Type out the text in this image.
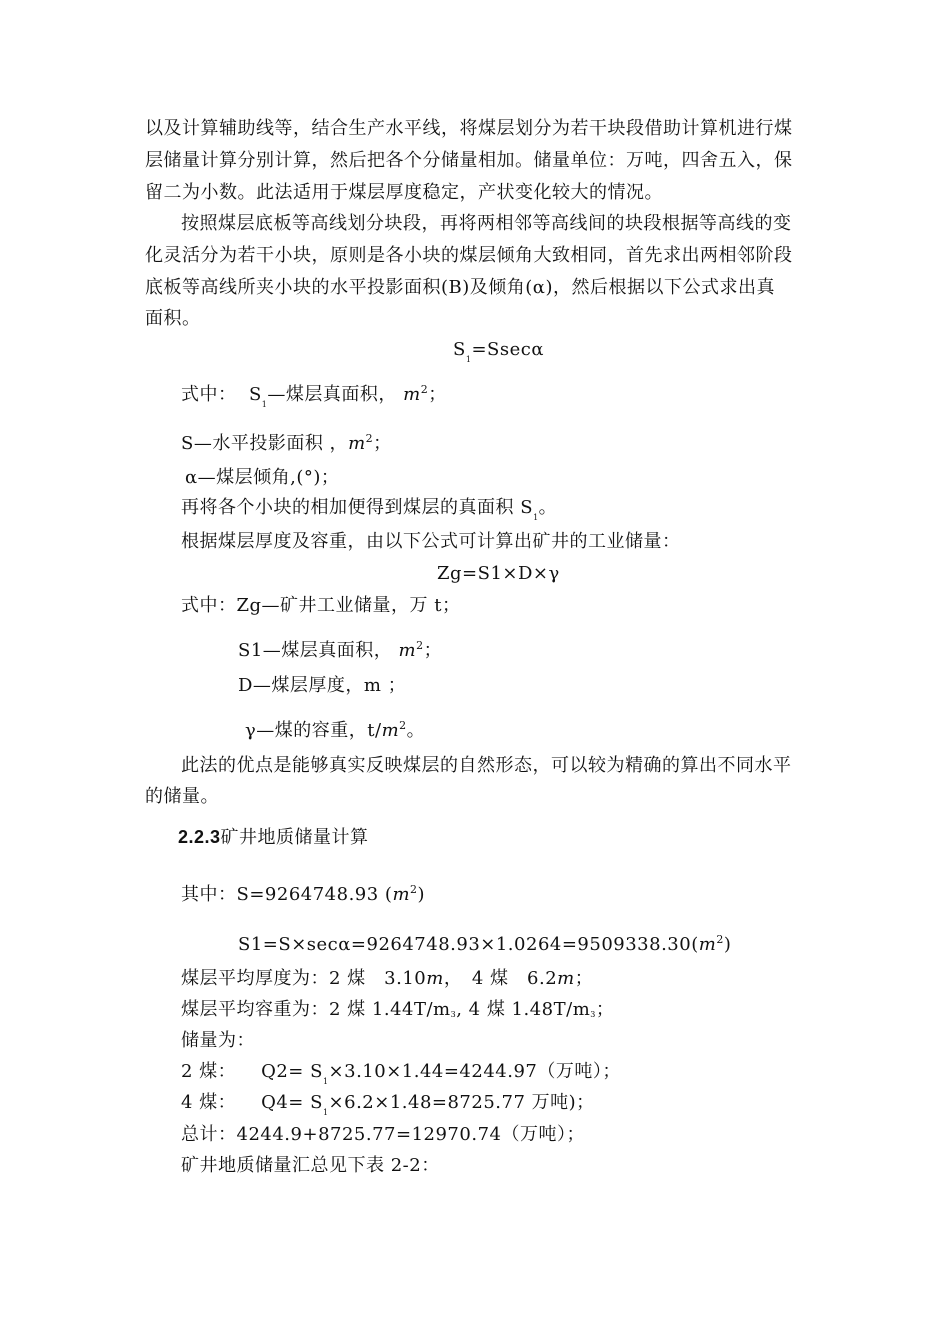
以及计算辅助线等，结合生产水平线，将煤层划分为若干块段借助计算机进行煤
层储量计算分别计算，然后把各个分储量相加。储量单位：万吨，四舍五入，保
留二为小数。此法适用于煤层厚度稳定，产状变化较大的情况。
按照煤层底板等高线划分块段，再将两相邻等高线间的块段根据等高线的变
化灵活分为若干小块，原则是各小块的煤层倾角大致相同，首先求出两相邻阶段
底板等高线所夹小块的水平投影面积(B)及倾角(α)，然后根据以下公式求出真
面积。
$S_1=Ssec\alpha$
式中： $S_1—$煤层真面积， $m^2$；
S—水平投影面积 ，$m^2$；
α—煤层倾角,(°)；
再将各个小块的相加便得到煤层的真面积 $S_1$。
根据煤层厚度及容重，由以下公式可计算出矿井的工业储量：
Zg=S1×D×γ
式中：Zg—矿井工业储量，万 t；
S1—煤层真面积， $m^2$；
D—煤层厚度，m ；
γ—煤的容重，$t/m^2$。
此法的优点是能够真实反映煤层的自然形态，可以较为精确的算出不同水平
的储量。
2.2.3矿井地质储量计算
其中：S=9264748.93 $(m^2)$
$S1=S\times\sec\alpha=9264748.93\times 1.0264=9509338.30(m^2)$
煤层平均厚度为：2 煤　3.10m，　4 煤　6.2m；
煤层平均容重为：2 煤 1.44T/m3, 4 煤 1.48T/m3；
储量为：
2 煤： $Q2= S_1\times 3.10\times 1.44=4244.97$（万吨）；
4 煤： $Q4= S_1\times 6.2\times 1.48=8725.77$ 万吨)；
总计：4244.9+8725.77=12970.74（万吨）；
矿井地质储量汇总见下表 2-2：
